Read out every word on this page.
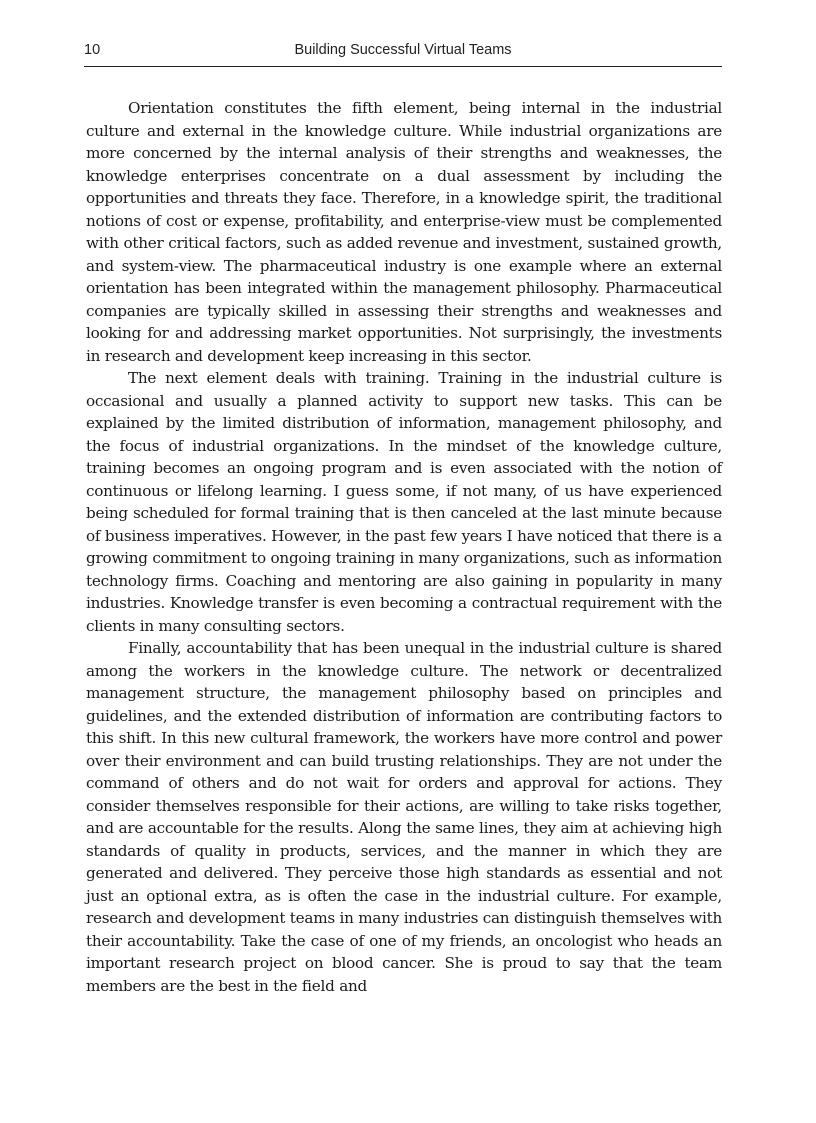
10	Building Successful Virtual Teams

Orientation constitutes the fifth element, being internal in the industrial culture and external in the knowledge culture. While industrial organizations are more concerned by the internal analysis of their strengths and weaknesses, the knowledge enterprises concentrate on a dual assessment by including the opportunities and threats they face. Therefore, in a knowledge spirit, the traditional notions of cost or expense, profitability, and enterprise-view must be complemented with other critical factors, such as added revenue and investment, sustained growth, and system-view. The pharmaceutical industry is one example where an external orientation has been integrated within the management philosophy. Pharmaceutical companies are typically skilled in assessing their strengths and weaknesses and looking for and addressing market opportunities. Not surprisingly, the investments in research and development keep increasing in this sector.

The next element deals with training. Training in the industrial culture is occasional and usually a planned activity to support new tasks. This can be explained by the limited distribution of information, management philosophy, and the focus of industrial organizations. In the mindset of the knowledge culture, training becomes an ongoing program and is even associated with the notion of continuous or lifelong learning. I guess some, if not many, of us have experienced being scheduled for formal training that is then canceled at the last minute because of business imperatives. However, in the past few years I have noticed that there is a growing commitment to ongoing training in many organizations, such as information technology firms. Coaching and mentoring are also gaining in popularity in many industries. Knowledge transfer is even becoming a contractual requirement with the clients in many consulting sectors.

Finally, accountability that has been unequal in the industrial culture is shared among the workers in the knowledge culture. The network or decentralized management structure, the management philosophy based on principles and guidelines, and the extended distribution of information are contributing factors to this shift. In this new cultural framework, the workers have more control and power over their environment and can build trusting relationships. They are not under the command of others and do not wait for orders and approval for actions. They consider themselves responsible for their actions, are willing to take risks together, and are accountable for the results. Along the same lines, they aim at achieving high standards of quality in products, services, and the manner in which they are generated and delivered. They perceive those high standards as essential and not just an optional extra, as is often the case in the industrial culture. For example, research and development teams in many industries can distinguish themselves with their accountability. Take the case of one of my friends, an oncologist who heads an important research project on blood cancer. She is proud to say that the team members are the best in the field and
